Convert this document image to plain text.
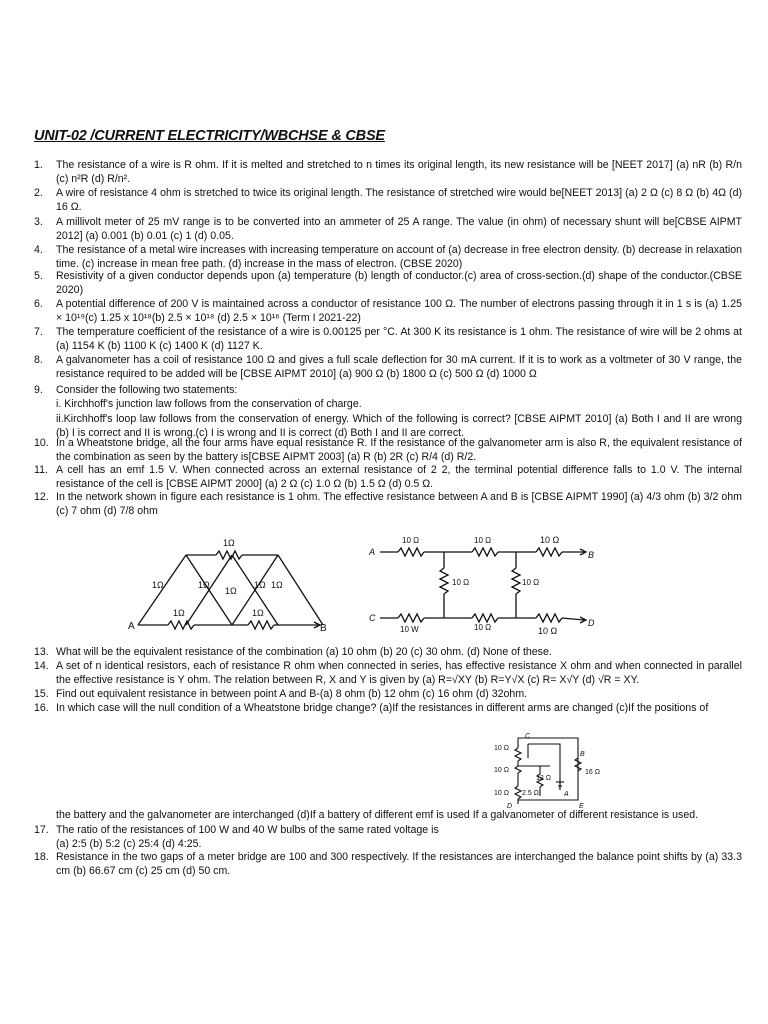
UNIT-02 /CURRENT ELECTRICITY/WBCHSE & CBSE
1.	The resistance of a wire is R ohm. If it is melted and stretched to n times its original length, its new resistance will be [NEET 2017] (a) nR (b) R/n (c) n²R (d) R/n².
2.	A wire of resistance 4 ohm is stretched to twice its original length. The resistance of stretched wire would be[NEET 2013] (a) 2 Ω (c) 8 Ω (b) 4Ω (d) 16 Ω.
3.	A millivolt meter of 25 mV range is to be converted into an ammeter of 25 A range. The value (in ohm) of necessary shunt will be[CBSE AIPMT 2012] (a) 0.001 (b) 0.01 (c) 1 (d) 0.05.
4.	The resistance of a metal wire increases with increasing temperature on account of (a) decrease in free electron density. (b) decrease in relaxation time. (c) increase in mean free path. (d) increase in the mass of electron. (CBSE 2020)
5.	Resistivity of a given conductor depends upon (a) temperature (b) length of conductor.(c) area of cross-section.(d) shape of the conductor.(CBSE 2020)
6.	A potential difference of 200 V is maintained across a conductor of resistance 100 Ω. The number of electrons passing through it in 1 s is (a) 1.25 × 10¹⁹(c) 1.25 x 10¹⁸(b) 2.5 × 10¹⁸ (d) 2.5 × 10¹⁶ (Term I 2021-22)
7.	The temperature coefficient of the resistance of a wire is 0.00125 per °C. At 300 K its resistance is 1 ohm. The resistance of wire will be 2 ohms at (a) 1154 K (b) 1100 K (c) 1400 K (d) 1127 K.
8.	A galvanometer has a coil of resistance 100 Ω and gives a full scale deflection for 30 mA current. If it is to work as a voltmeter of 30 V range, the resistance required to be added will be [CBSE AIPMT 2010] (a) 900 Ω (b) 1800 Ω (c) 500 Ω (d) 1000 Ω
9.	Consider the following two statements:
i. Kirchhoff's junction law follows from the conservation of charge.
ii.Kirchhoff's loop law follows from the conservation of energy. Which of the following is correct? [CBSE AIPMT 2010] (a) Both I and II are wrong (b) I is correct and II is wrong.(c) I is wrong and II is correct (d) Both I and II are correct.
10. In a Wheatstone bridge, all the four arms have equal resistance R. If the resistance of the galvanometer arm is also R, the equivalent resistance of the combination as seen by the battery is[CBSE AIPMT 2003] (a) R (b) 2R (c) R/4 (d) R/2.
11. A cell has an emf 1.5 V. When connected across an external resistance of 2 2, the terminal potential difference falls to 1.0 V. The internal resistance of the cell is [CBSE AIPMT 2000] (a) 2 Ω (c) 1.0 Ω (b) 1.5 Ω (d) 0.5 Ω.
12. In the network shown in figure each resistance is 1 ohm. The effective resistance between A and B is [CBSE AIPMT 1990] (a) 4/3 ohm (b) 3/2 ohm (c) 7 ohm (d) 7/8 ohm
13. What will be the equivalent resistance of the combination (a) 10 ohm (b) 20 (c) 30 ohm. (d) None of these.
14. A set of n identical resistors, each of resistance R ohm when connected in series, has effective resistance X ohm and when connected in parallel the effective resistance is Y ohm. The relation between R, X and Y is given by (a) R=√XY (b) R=Y√X (c) R= X√Y (d) √R = XY.
15. Find out equivalent resistance in between point A and B-(a) 8 ohm (b) 12 ohm (c) 16 ohm (d) 32ohm.
16. In which case will the null condition of a Wheatstone bridge change? (a)If the resistances in different arms are changed (c)If the positions of
the battery and the galvanometer are interchanged (d)If a battery of different emf is used If a galvanometer of different resistance is used.
17. The ratio of the resistances of 100 W and 40 W bulbs of the same rated voltage is
(a) 2:5 (b) 5:2 (c) 25:4 (d) 4:25.
18. Resistance in the two gaps of a meter bridge are 100 and 300 respectively. If the resistances are interchanged the balance point shifts by (a) 33.3 cm (b) 66.67 cm (c) 25 cm (d) 50 cm.
1Ω
1Ω	1Ω
1Ω
1Ω 1Ω
1Ω	1Ω
A	B
10 Ω	10 Ω	10 Ω
10 Ω	10 Ω
10 W	10 Ω	10 Ω
A	B
C	D
C
B
D	E
A
10 Ω
10 Ω
10 Ω
12 Ω
2.5 Ω
16 Ω
